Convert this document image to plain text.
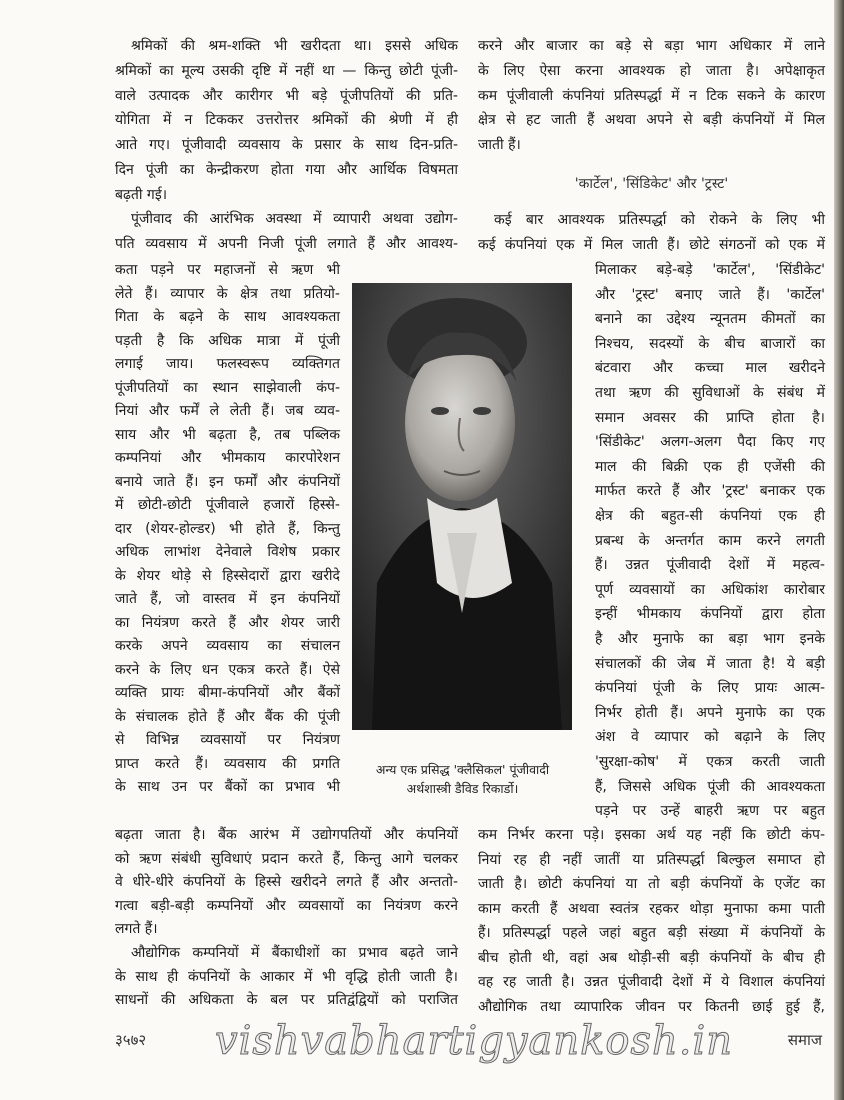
श्रमिकों की श्रम-शक्ति भी खरीदता था। इससे अधिक
श्रमिकों का मूल्य उसकी दृष्टि में नहीं था — किन्तु छोटी पूंजी-
वाले उत्पादक और कारीगर भी बड़े पूंजीपतियों की प्रति-
योगिता में न टिककर उत्तरोत्तर श्रमिकों की श्रेणी में ही
आते गए। पूंजीवादी व्यवसाय के प्रसार के साथ दिन-प्रति-
दिन पूंजी का केन्द्रीकरण होता गया और आर्थिक विषमता
बढ़ती गई।
पूंजीवाद की आरंभिक अवस्था में व्यापारी अथवा उद्योग-
पति व्यवसाय में अपनी निजी पूंजी लगाते हैं और आवश्य-
कता पड़ने पर महाजनों से ऋण भी
लेते हैं। व्यापार के क्षेत्र तथा प्रतियो-
गिता के बढ़ने के साथ आवश्यकता
पड़ती है कि अधिक मात्रा में पूंजी
लगाई जाय। फलस्वरूप व्यक्तिगत
पूंजीपतियों का स्थान साझेवाली कंप-
नियां और फर्में ले लेती हैं। जब व्यव-
साय और भी बढ़ता है, तब पब्लिक
कम्पनियां और भीमकाय कारपोरेशन
बनाये जाते हैं। इन फर्मों और कंपनियों
में छोटी-छोटी पूंजीवाले हजारों हिस्से-
दार (शेयर-होल्डर) भी होते हैं, किन्तु
अधिक लाभांश देनेवाले विशेष प्रकार
के शेयर थोड़े से हिस्सेदारों द्वारा खरीदे
जाते हैं, जो वास्तव में इन कंपनियों
का नियंत्रण करते हैं और शेयर जारी
करके अपने व्यवसाय का संचालन
करने के लिए धन एकत्र करते हैं। ऐसे
व्यक्ति प्रायः बीमा-कंपनियों और बैंकों
के संचालक होते हैं और बैंक की पूंजी
से विभिन्न व्यवसायों पर नियंत्रण
प्राप्त करते हैं। व्यवसाय की प्रगति
के साथ उन पर बैंकों का प्रभाव भी
बढ़ता जाता है। बैंक आरंभ में उद्योगपतियों और कंपनियों
को ऋण संबंधी सुविधाएं प्रदान करते हैं, किन्तु आगे चलकर
वे धीरे-धीरे कंपनियों के हिस्से खरीदने लगते हैं और अन्ततो-
गत्वा बड़ी-बड़ी कम्पनियों और व्यवसायों का नियंत्रण करने
लगते हैं।
औद्योगिक कम्पनियों में बैंकाधीशों का प्रभाव बढ़ते जाने
के साथ ही कंपनियों के आकार में भी वृद्धि होती जाती है।
साधनों की अधिकता के बल पर प्रतिद्वंद्वियों को पराजित
करने और बाजार का बड़े से बड़ा भाग अधिकार में लाने
के लिए ऐसा करना आवश्यक हो जाता है। अपेक्षाकृत
कम पूंजीवाली कंपनियां प्रतिस्पर्द्धा में न टिक सकने के कारण
क्षेत्र से हट जाती हैं अथवा अपने से बड़ी कंपनियों में मिल
जाती हैं।
कई बार आवश्यक प्रतिस्पर्द्धा को रोकने के लिए भी
कई कंपनियां एक में मिल जाती हैं। छोटे संगठनों को एक में
मिलाकर बड़े-बड़े 'कार्टेल', 'सिंडीकेट'
और 'ट्रस्ट' बनाए जाते हैं। 'कार्टेल'
बनाने का उद्देश्य न्यूनतम कीमतों का
निश्चय, सदस्यों के बीच बाजारों का
बंटवारा और कच्चा माल खरीदने
तथा ऋण की सुविधाओं के संबंध में
समान अवसर की प्राप्ति होता है।
'सिंडीकेट' अलग-अलग पैदा किए गए
माल की बिक्री एक ही एजेंसी की
मार्फत करते हैं और 'ट्रस्ट' बनाकर एक
क्षेत्र की बहुत-सी कंपनियां एक ही
प्रबन्ध के अन्तर्गत काम करने लगती
हैं। उन्नत पूंजीवादी देशों में महत्व-
पूर्ण व्यवसायों का अधिकांश कारोबार
इन्हीं भीमकाय कंपनियों द्वारा होता
है और मुनाफे का बड़ा भाग इनके
संचालकों की जेब में जाता है! ये बड़ी
कंपनियां पूंजी के लिए प्रायः आत्म-
निर्भर होती हैं। अपने मुनाफे का एक
अंश वे व्यापार को बढ़ाने के लिए
'सुरक्षा-कोष' में एकत्र करती जाती
हैं, जिससे अधिक पूंजी की आवश्यकता
पड़ने पर उन्हें बाहरी ऋण पर बहुत
कम निर्भर करना पड़े। इसका अर्थ यह नहीं कि छोटी कंप-
नियां रह ही नहीं जातीं या प्रतिस्पर्द्धा बिल्कुल समाप्त हो
जाती है। छोटी कंपनियां या तो बड़ी कंपनियों के एजेंट का
काम करती हैं अथवा स्वतंत्र रहकर थोड़ा मुनाफा कमा पाती
हैं। प्रतिस्पर्द्धा पहले जहां बहुत बड़ी संख्या में कंपनियों के
बीच होती थी, वहां अब थोड़ी-सी बड़ी कंपनियों के बीच ही
वह रह जाती है। उन्नत पूंजीवादी देशों में ये विशाल कंपनियां
औद्योगिक तथा व्यापारिक जीवन पर कितनी छाई हुई हैं,
'कार्टेल', 'सिंडिकेट' और 'ट्रस्ट'
अन्य एक प्रसिद्ध 'क्लैसिकल' पूंजीवादी
अर्थशास्त्री डैविड रिकार्डो।
३५७२ vishvabhartigyankosh.in	समाज
